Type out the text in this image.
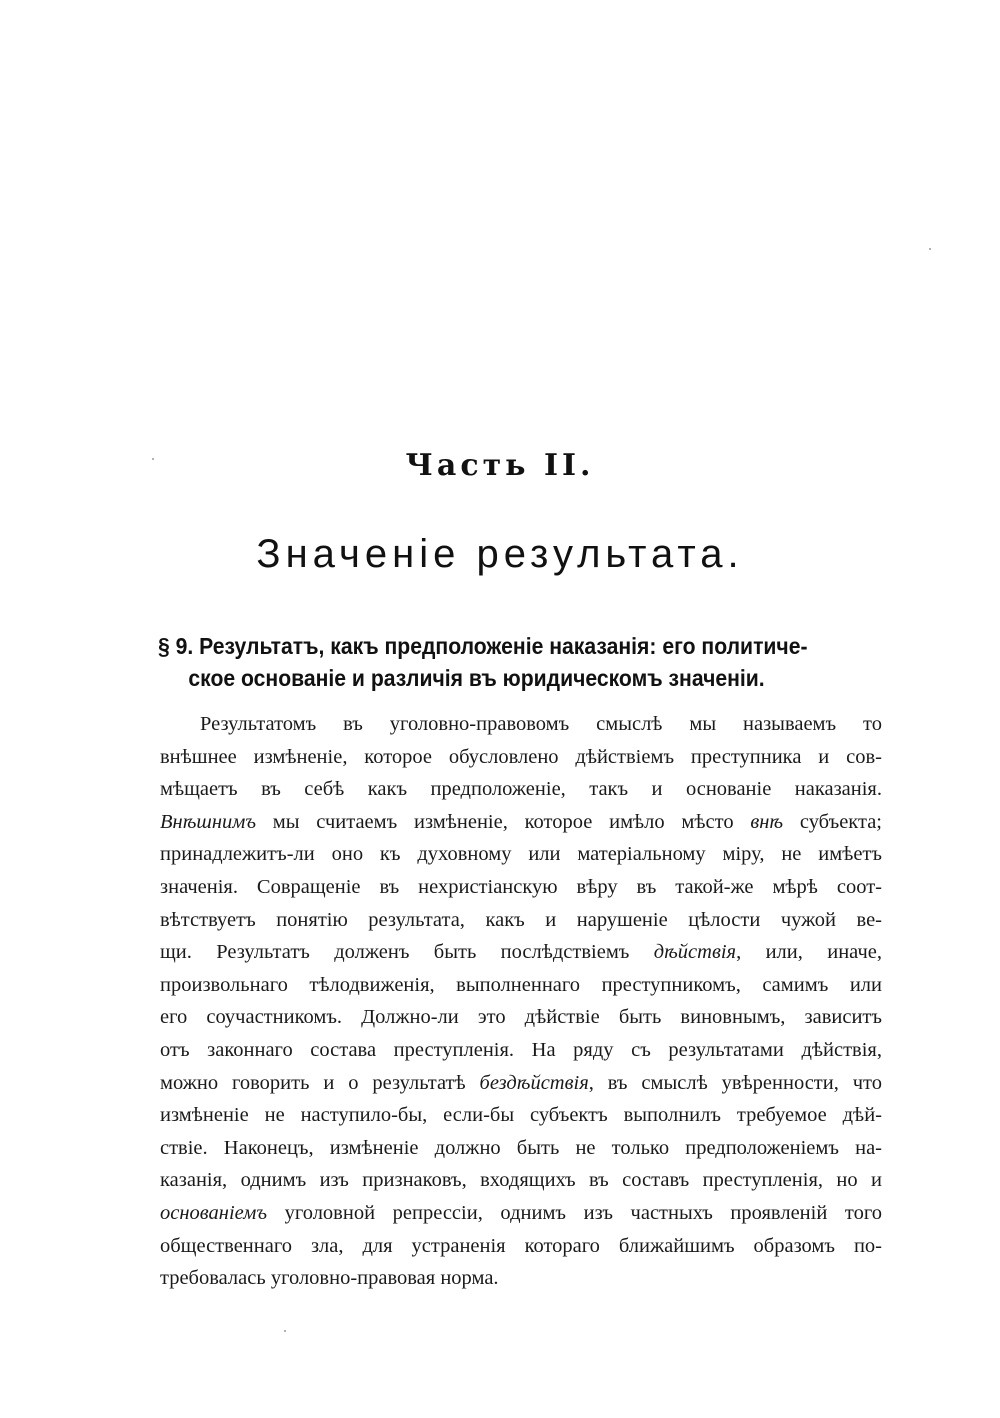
Часть II.
Значеніе результата.
§ 9. Результатъ, какъ предположеніе наказанія: его политиче-
ское основаніе и различія въ юридическомъ значеніи.
Результатомъ въ уголовно-правовомъ смыслѣ мы называемъ то
внѣшнее измѣненіе, которое обусловлено дѣйствіемъ преступника и сов-
мѣщаетъ въ себѣ какъ предположеніе, такъ и основаніе наказанія.
Внѣшнимъ мы считаемъ измѣненіе, которое имѣло мѣсто внѣ субъекта;
принадлежитъ-ли оно къ духовному или матеріальному міру, не имѣетъ
значенія. Совращеніе въ нехристіанскую вѣру въ такой-же мѣрѣ соот-
вѣтствуетъ понятію результата, какъ и нарушеніе цѣлости чужой ве-
щи. Результатъ долженъ быть послѣдствіемъ дѣйствія, или, иначе,
произвольнаго тѣлодвиженія, выполненнаго преступникомъ, самимъ или
его соучастникомъ. Должно-ли это дѣйствіе быть виновнымъ, зависитъ
отъ законнаго состава преступленія. На ряду съ результатами дѣйствія,
можно говорить и о результатѣ бездѣйствія, въ смыслѣ увѣренности, что
измѣненіе не наступило-бы, если-бы субъектъ выполнилъ требуемое дѣй-
ствіе. Наконецъ, измѣненіе должно быть не только предположеніемъ на-
казанія, однимъ изъ признаковъ, входящихъ въ составъ преступленія, но и
основаніемъ уголовной репрессіи, однимъ изъ частныхъ проявленій того
общественнаго зла, для устраненія котораго ближайшимъ образомъ по-
требовалась уголовно-правовая норма.
